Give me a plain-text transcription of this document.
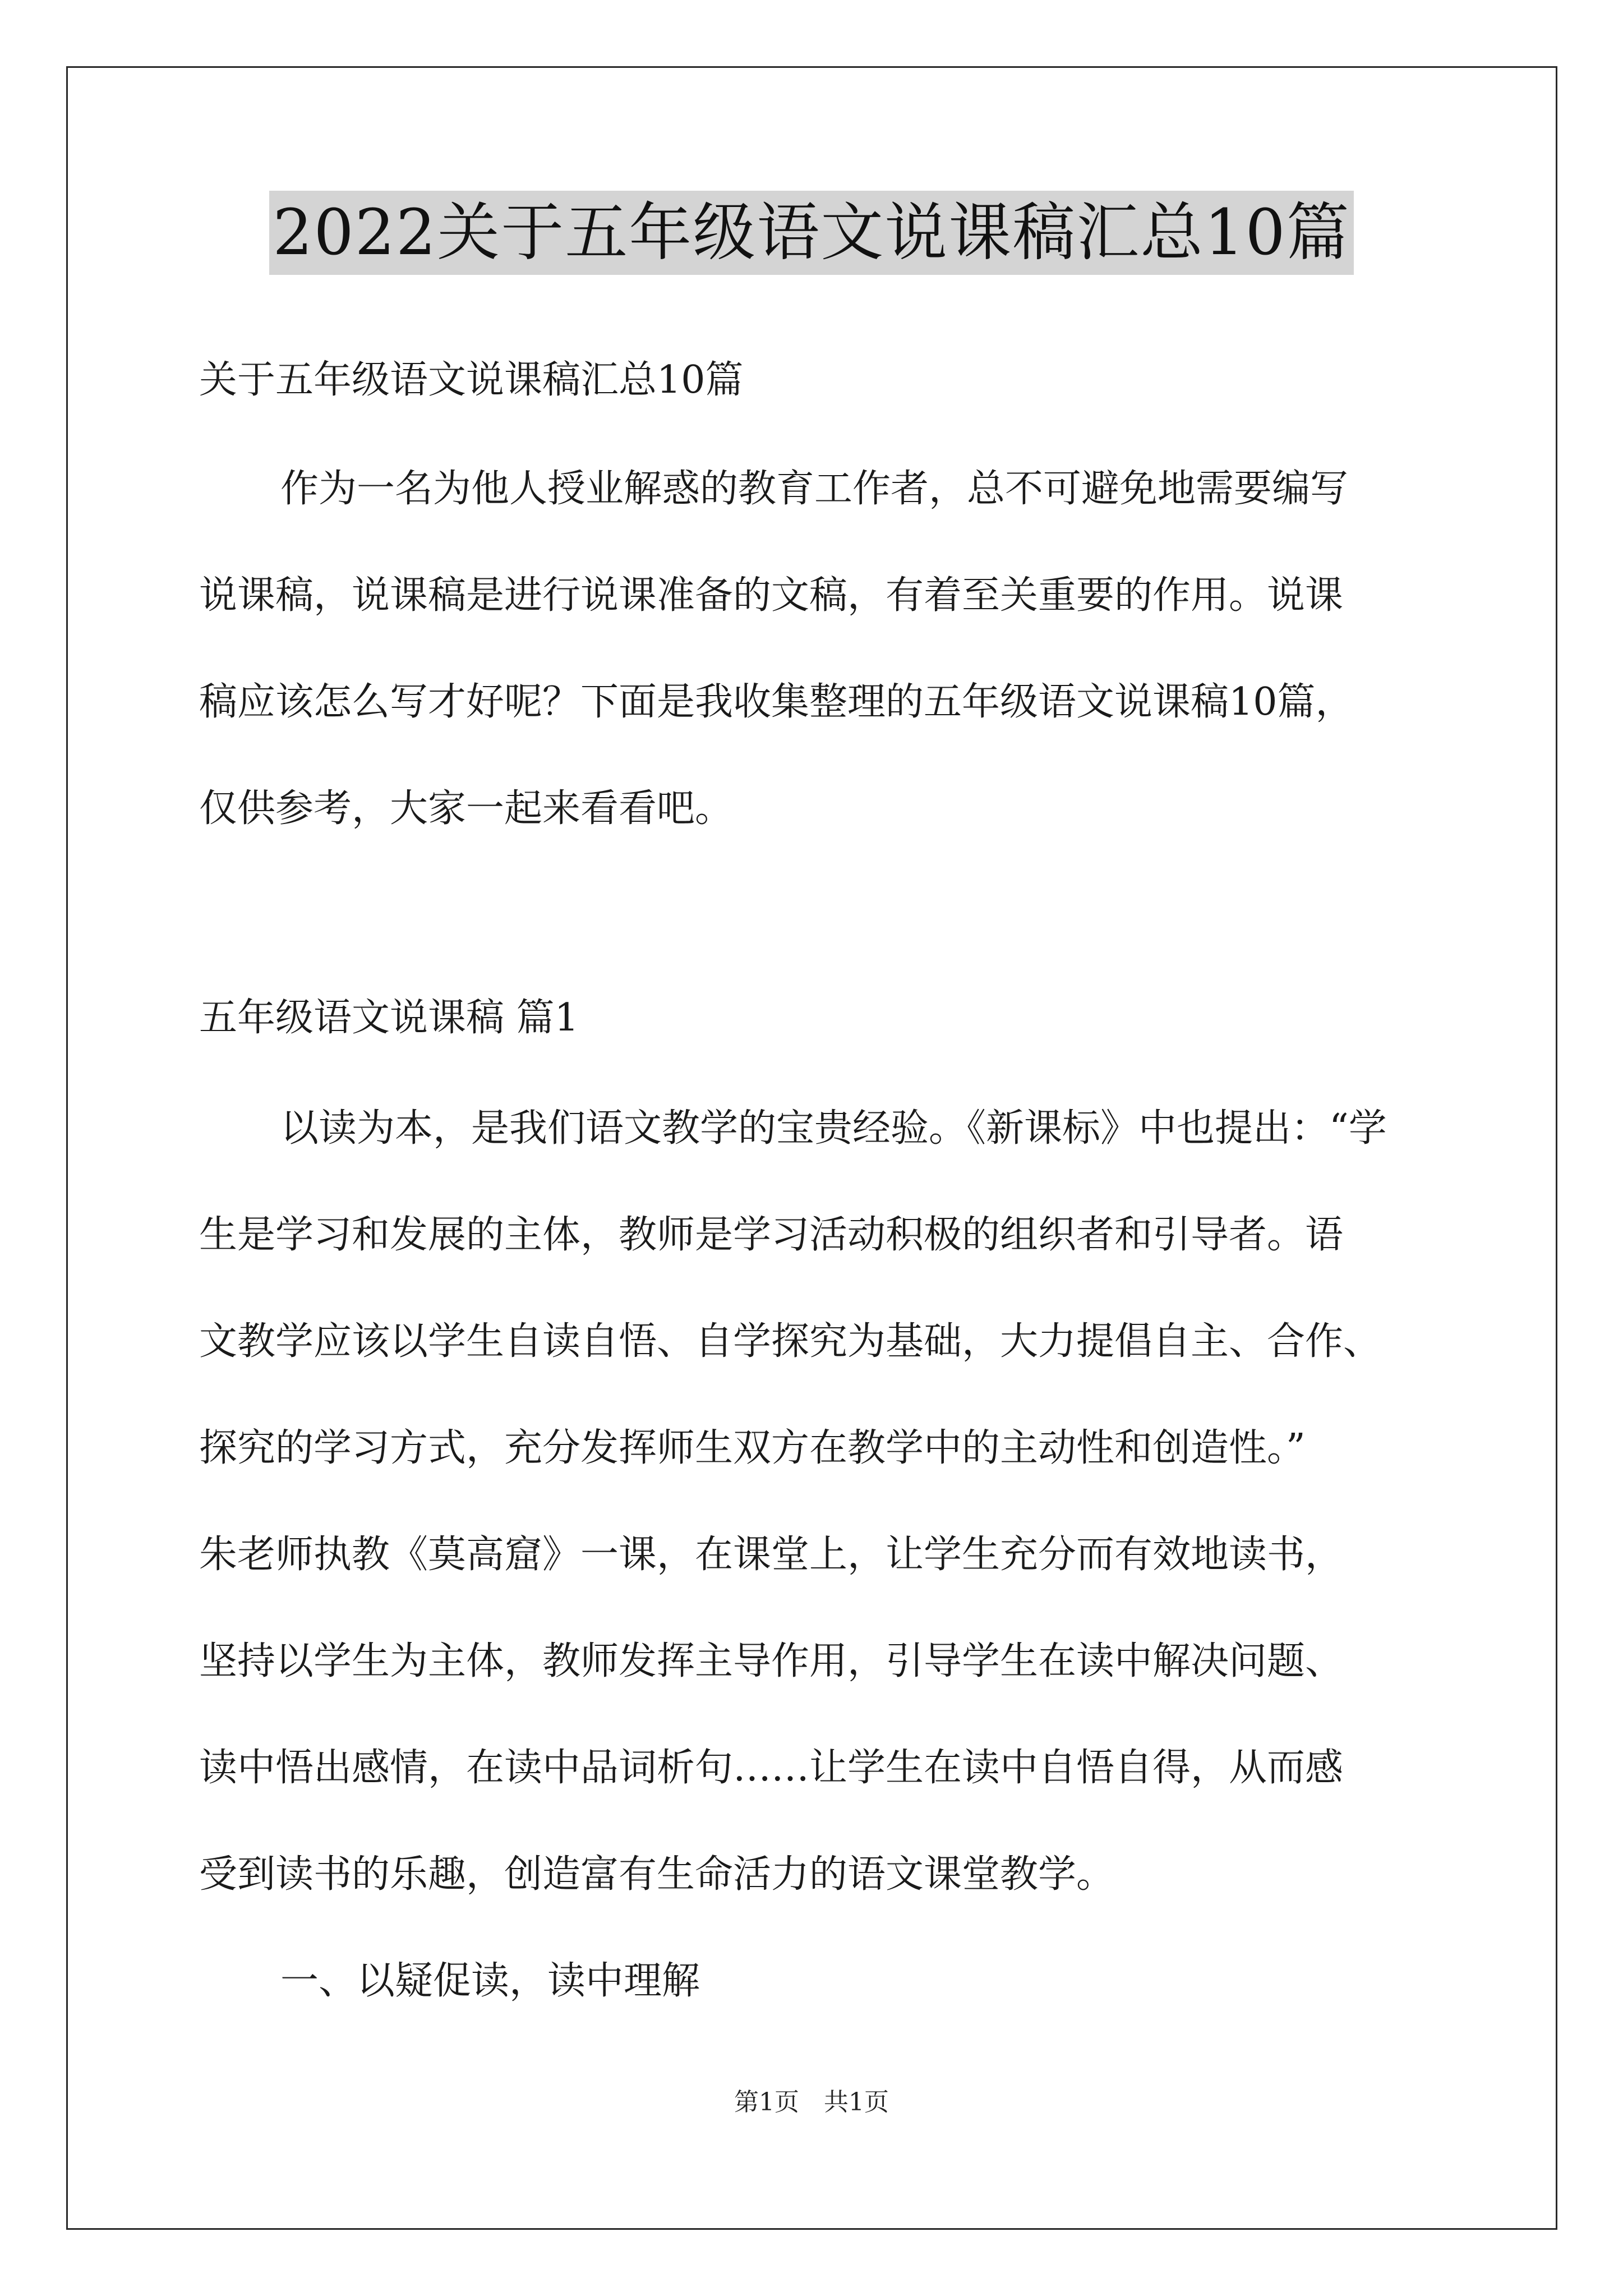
2022关于五年级语文说课稿汇总10篇
关于五年级语文说课稿汇总10篇
作为一名为他人授业解惑的教育工作者，总不可避免地需要编写
说课稿，说课稿是进行说课准备的文稿，有着至关重要的作用。说课
稿应该怎么写才好呢？下面是我收集整理的五年级语文说课稿10篇，
仅供参考，大家一起来看看吧。
五年级语文说课稿 篇1
以读为本，是我们语文教学的宝贵经验。《新课标》中也提出：“学
生是学习和发展的主体，教师是学习活动积极的组织者和引导者。语
文教学应该以学生自读自悟、自学探究为基础，大力提倡自主、合作、
探究的学习方式，充分发挥师生双方在教学中的主动性和创造性。”
朱老师执教《莫高窟》一课，在课堂上，让学生充分而有效地读书，
坚持以学生为主体，教师发挥主导作用，引导学生在读中解决问题、
读中悟出感情，在读中品词析句……让学生在读中自悟自得，从而感
受到读书的乐趣，创造富有生命活力的语文课堂教学。
一、以疑促读，读中理解
第1页　共1页
